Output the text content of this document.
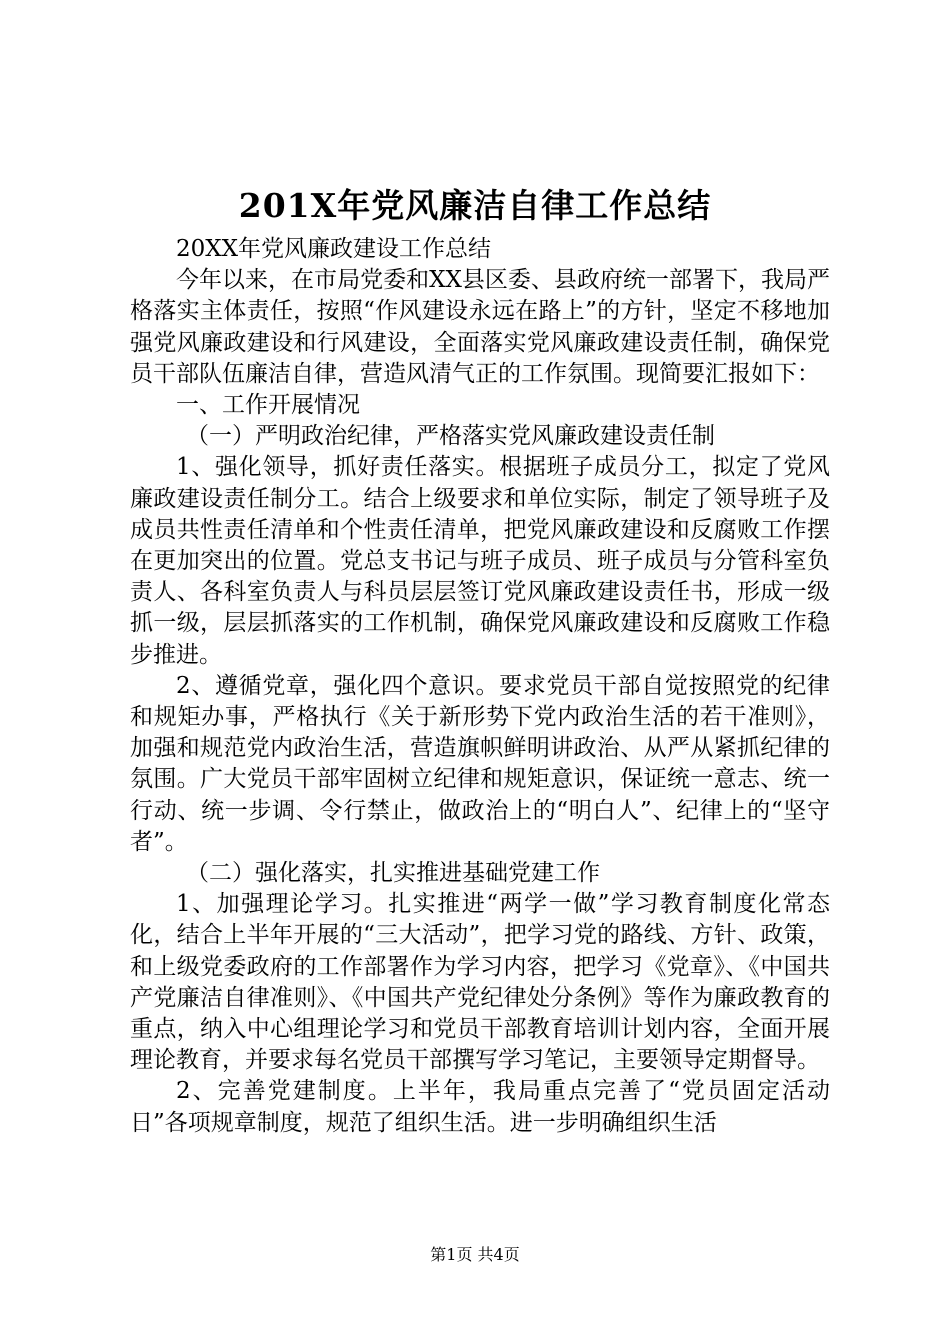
201X年党风廉洁自律工作总结

20XX年党风廉政建设工作总结

今年以来，在市局党委和XX县区委、县政府统一部署下，我局严格落实主体责任，按照“作风建设永远在路上”的方针，坚定不移地加强党风廉政建设和行风建设，全面落实党风廉政建设责任制，确保党员干部队伍廉洁自律，营造风清气正的工作氛围。现简要汇报如下：

一、工作开展情况

（一）严明政治纪律，严格落实党风廉政建设责任制

1、强化领导，抓好责任落实。根据班子成员分工，拟定了党风廉政建设责任制分工。结合上级要求和单位实际，制定了领导班子及成员共性责任清单和个性责任清单，把党风廉政建设和反腐败工作摆在更加突出的位置。党总支书记与班子成员、班子成员与分管科室负责人、各科室负责人与科员层层签订党风廉政建设责任书，形成一级抓一级，层层抓落实的工作机制，确保党风廉政建设和反腐败工作稳步推进。

2、遵循党章，强化四个意识。要求党员干部自觉按照党的纪律和规矩办事，严格执行《关于新形势下党内政治生活的若干准则》，加强和规范党内政治生活，营造旗帜鲜明讲政治、从严从紧抓纪律的氛围。广大党员干部牢固树立纪律和规矩意识，保证统一意志、统一行动、统一步调、令行禁止，做政治上的“明白人”、纪律上的“坚守者”。

（二）强化落实，扎实推进基础党建工作

1、加强理论学习。扎实推进“两学一做”学习教育制度化常态化，结合上半年开展的“三大活动”，把学习党的路线、方针、政策，和上级党委政府的工作部署作为学习内容，把学习《党章》、《中国共产党廉洁自律准则》、《中国共产党纪律处分条例》等作为廉政教育的重点，纳入中心组理论学习和党员干部教育培训计划内容，全面开展理论教育，并要求每名党员干部撰写学习笔记，主要领导定期督导。

2、完善党建制度。上半年，我局重点完善了“党员固定活动日”各项规章制度，规范了组织生活。进一步明确组织生活

第1页 共4页
